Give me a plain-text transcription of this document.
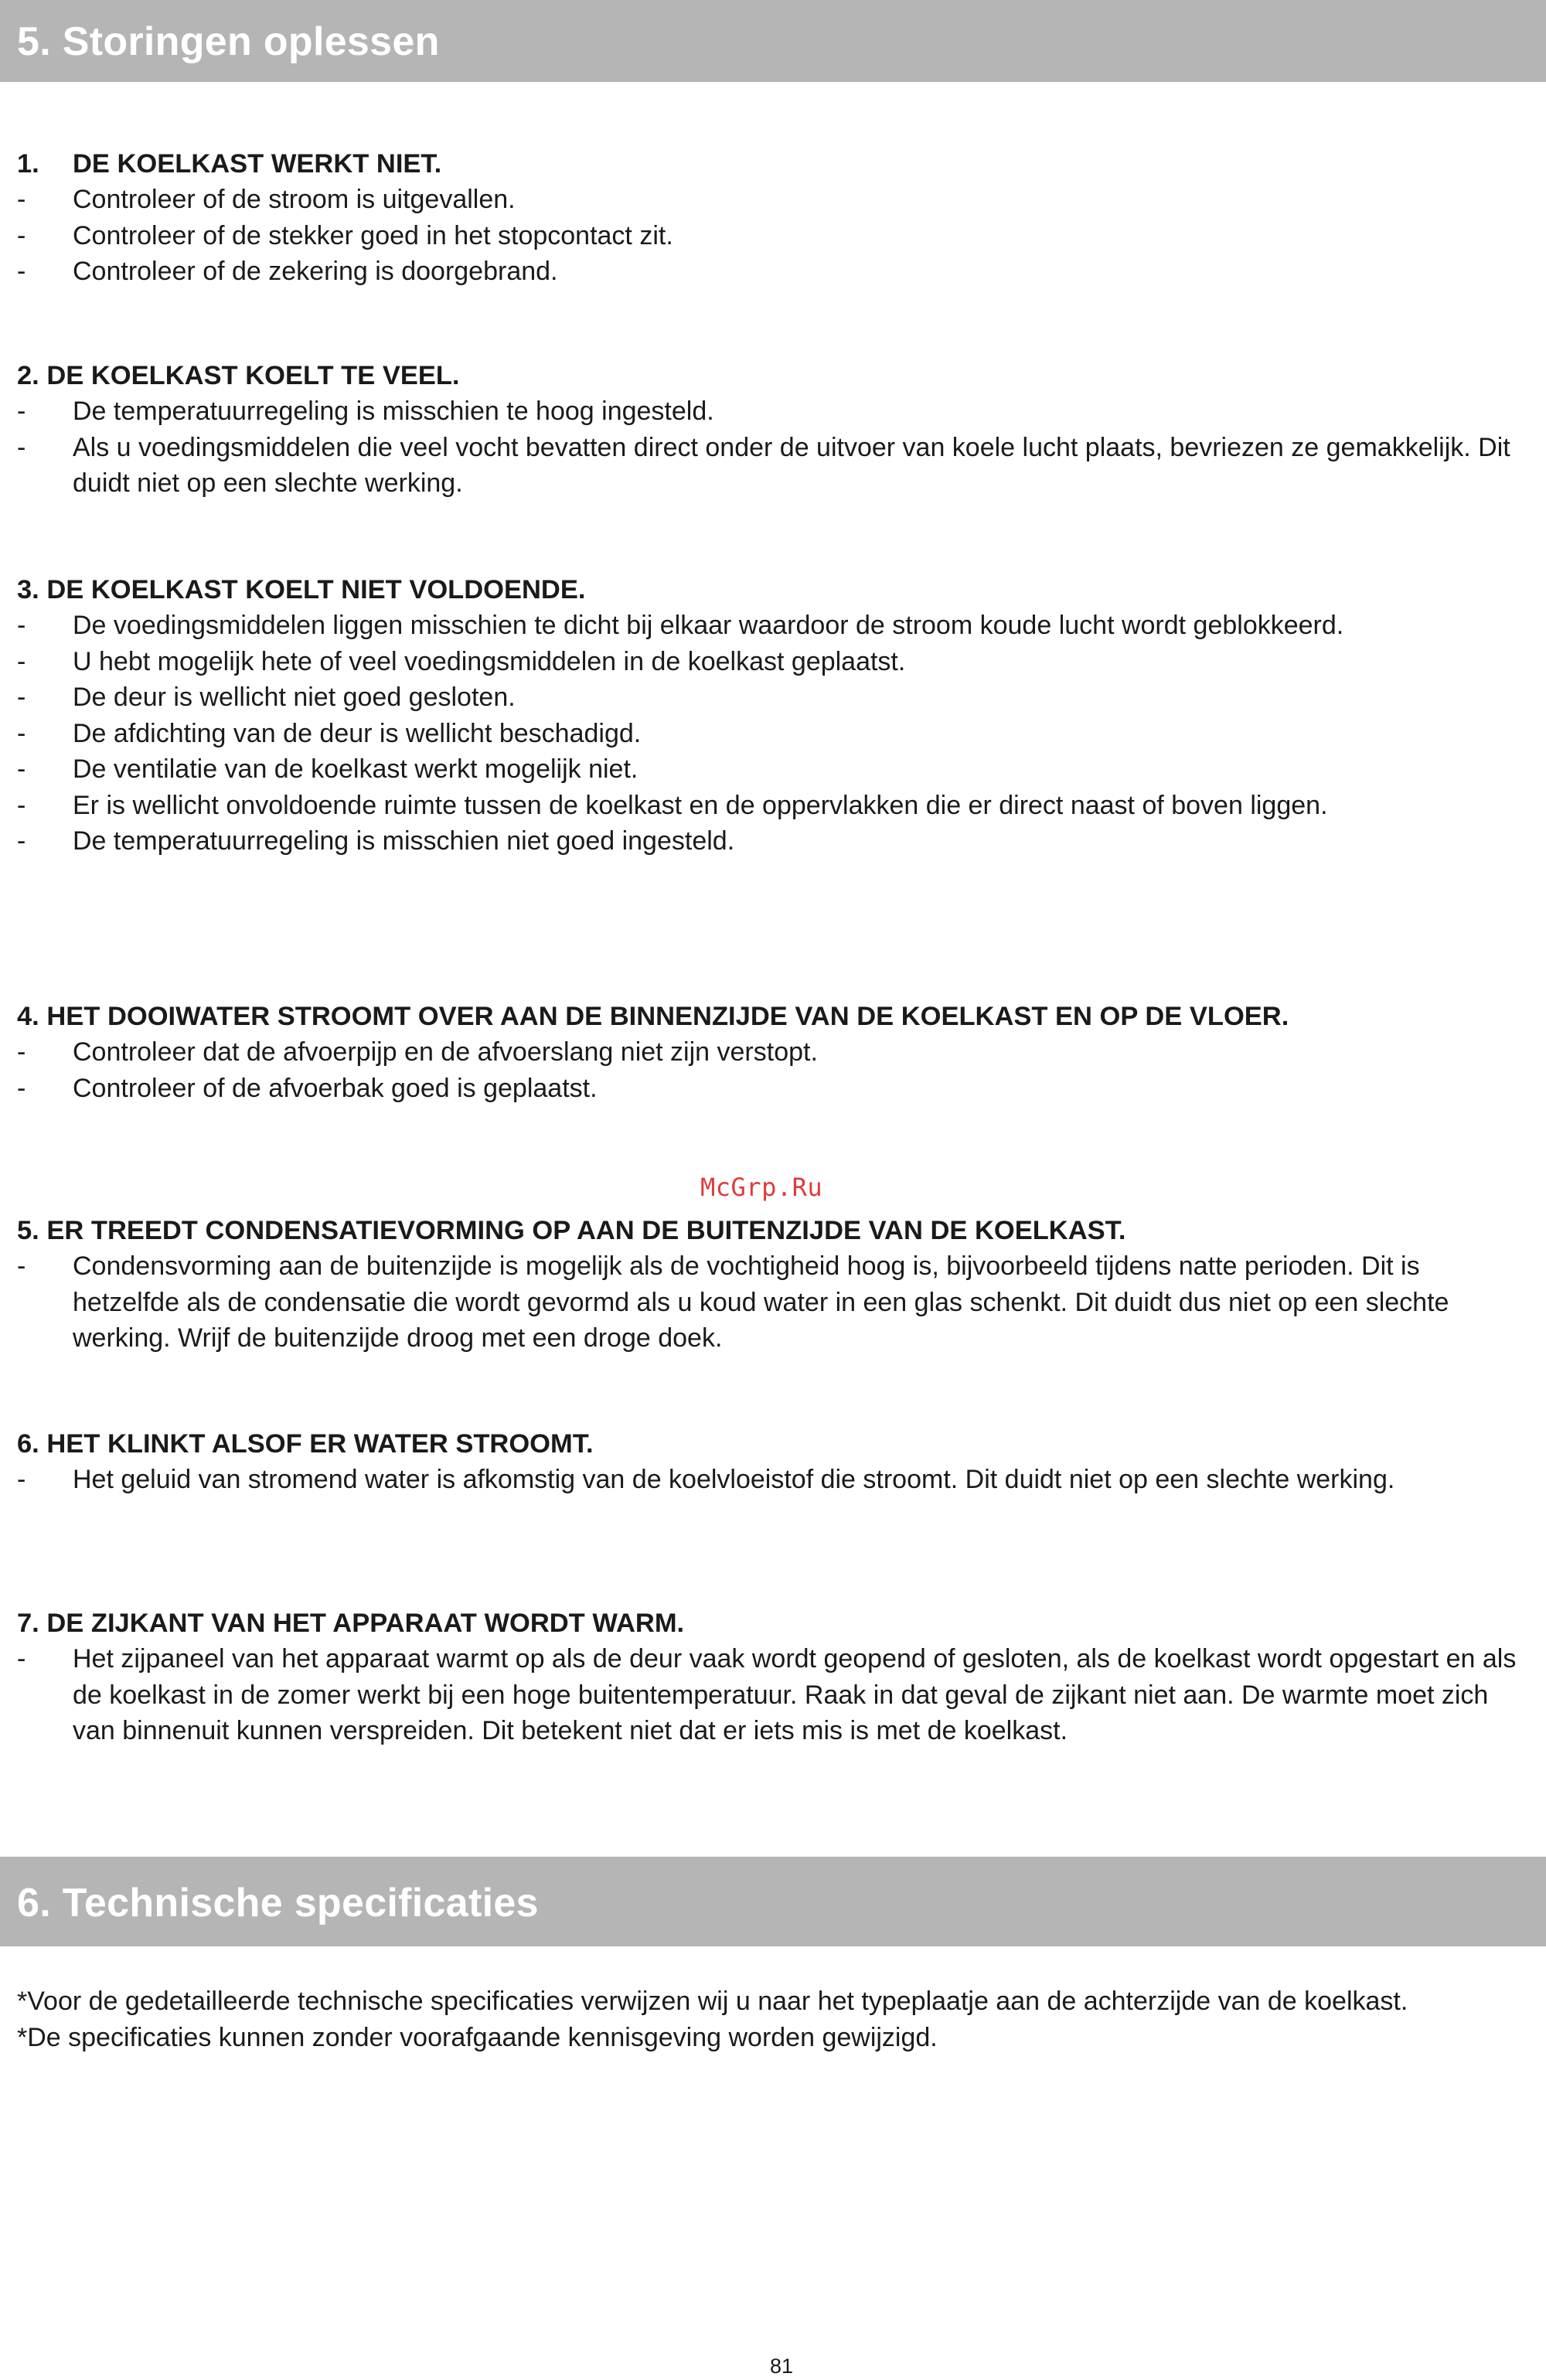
5. Storingen oplessen
1. DE KOELKAST WERKT NIET.
- Controleer of de stroom is uitgevallen.
- Controleer of de stekker goed in het stopcontact zit.
- Controleer of de zekering is doorgebrand.
2. DE KOELKAST KOELT TE VEEL.
- De temperatuurregeling is misschien te hoog ingesteld.
- Als u voedingsmiddelen die veel vocht bevatten direct onder de uitvoer van koele lucht plaats, bevriezen ze gemakkelijk. Dit duidt niet op een slechte werking.
3. DE KOELKAST KOELT NIET VOLDOENDE.
- De voedingsmiddelen liggen misschien te dicht bij elkaar waardoor de stroom koude lucht wordt geblokkeerd.
- U hebt mogelijk hete of veel voedingsmiddelen in de koelkast geplaatst.
- De deur is wellicht niet goed gesloten.
- De afdichting van de deur is wellicht beschadigd.
- De ventilatie van de koelkast werkt mogelijk niet.
- Er is wellicht onvoldoende ruimte tussen de koelkast en de oppervlakken die er direct naast of boven liggen.
- De temperatuurregeling is misschien niet goed ingesteld.
4. HET DOOIWATER STROOMT OVER AAN DE BINNENZIJDE VAN DE KOELKAST EN OP DE VLOER.
- Controleer dat de afvoerpijp en de afvoerslang niet zijn verstopt.
- Controleer of de afvoerbak goed is geplaatst.
McGrp.Ru
5. ER TREEDT CONDENSATIEVORMING OP AAN DE BUITENZIJDE VAN DE KOELKAST.
- Condensvorming aan de buitenzijde is mogelijk als de vochtigheid hoog is, bijvoorbeeld tijdens natte perioden. Dit is hetzelfde als de condensatie die wordt gevormd als u koud water in een glas schenkt. Dit duidt dus niet op een slechte werking. Wrijf de buitenzijde droog met een droge doek.
6. HET KLINKT ALSOF ER WATER STROOMT.
- Het geluid van stromend water is afkomstig van de koelvloeistof die stroomt. Dit duidt niet op een slechte werking.
7. DE ZIJKANT VAN HET APPARAAT WORDT WARM.
- Het zijpaneel van het apparaat warmt op als de deur vaak wordt geopend of gesloten, als de koelkast wordt opgestart en als de koelkast in de zomer werkt bij een hoge buitentemperatuur. Raak in dat geval de zijkant niet aan. De warmte moet zich van binnenuit kunnen verspreiden. Dit betekent niet dat er iets mis is met de koelkast.
6. Technische specificaties

*Voor de gedetailleerde technische specificaties verwijzen wij u naar het typeplaatje aan de achterzijde van de koelkast.

*De specificaties kunnen zonder voorafgaande kennisgeving worden gewijzigd.

81
